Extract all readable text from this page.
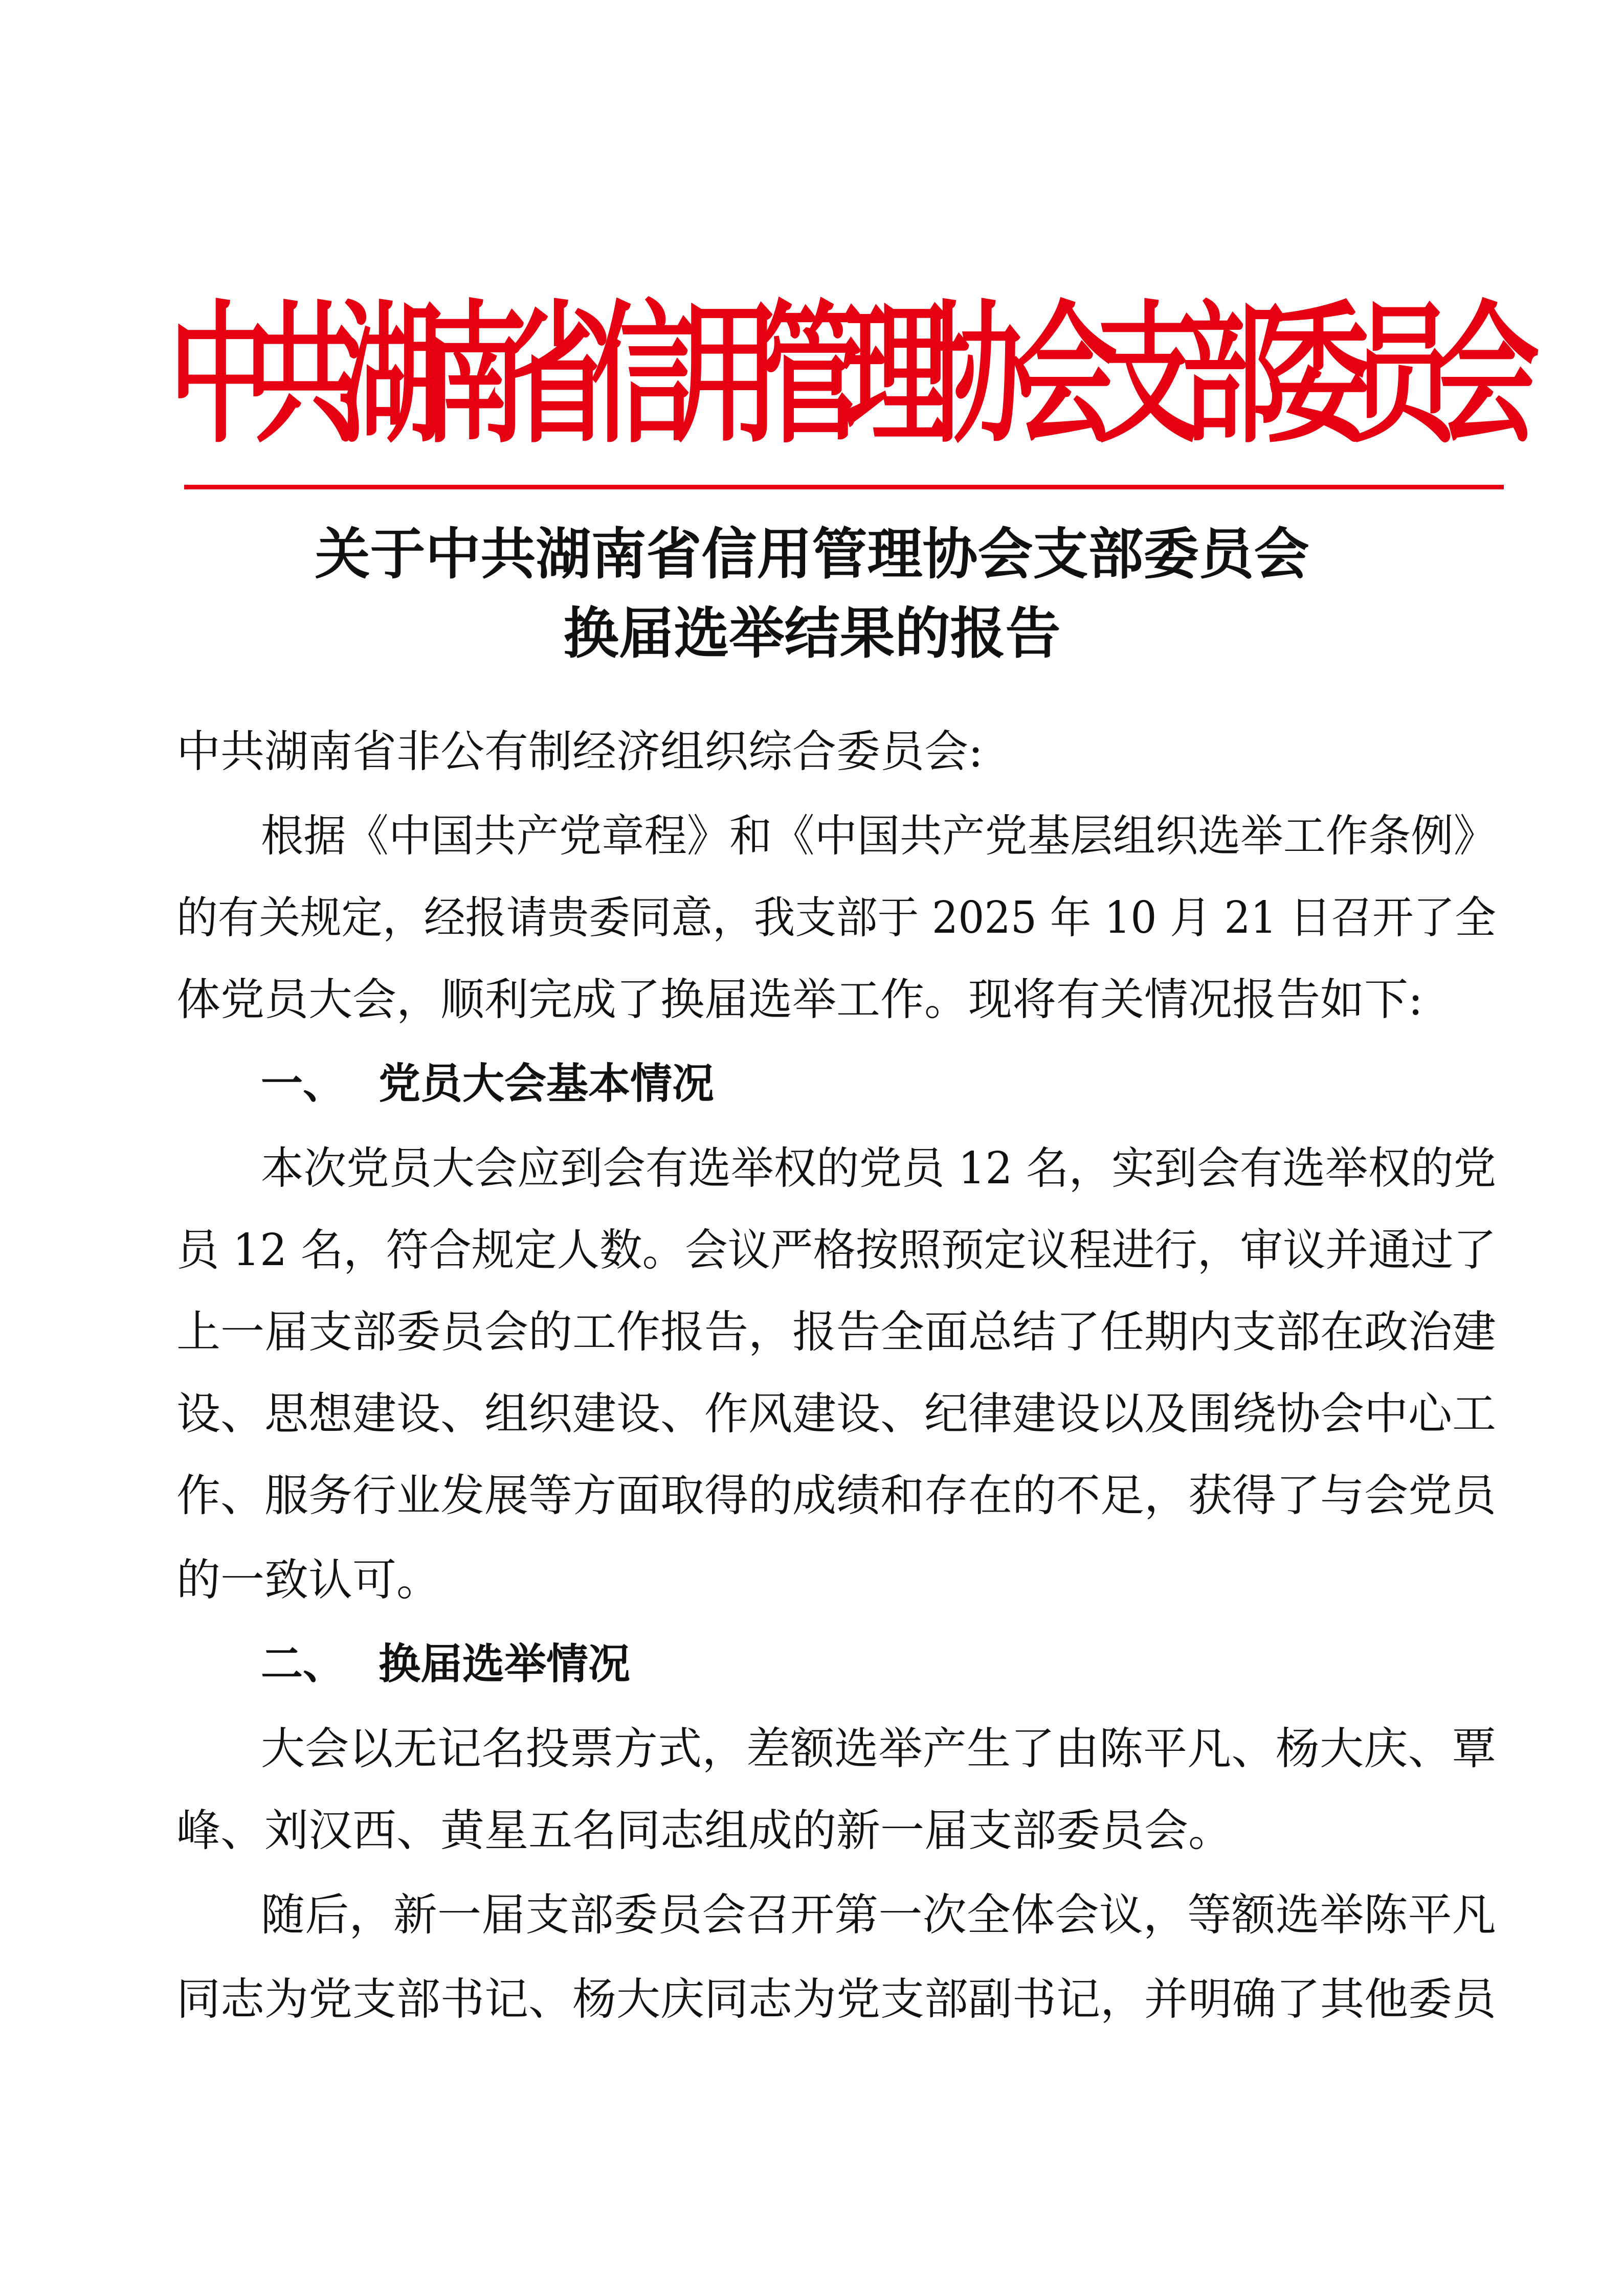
中共湖南省信用管理协会支部委员会
关于中共湖南省信用管理协会支部委员会
换届选举结果的报告
中共湖南省非公有制经济组织综合委员会:
根据《中国共产党章程》和《中国共产党基层组织选举工作条例》
的有关规定，经报请贵委同意，我支部于 2025 年 10 月 21 日召开了全
体党员大会，顺利完成了换届选举工作。现将有关情况报告如下:
一、 党员大会基本情况
本次党员大会应到会有选举权的党员 12 名，实到会有选举权的党
员 12 名，符合规定人数。会议严格按照预定议程进行，审议并通过了
上一届支部委员会的工作报告，报告全面总结了任期内支部在政治建
设、思想建设、组织建设、作风建设、纪律建设以及围绕协会中心工
作、服务行业发展等方面取得的成绩和存在的不足，获得了与会党员
的一致认可。
二、 换届选举情况
大会以无记名投票方式，差额选举产生了由陈平凡、杨大庆、覃
峰、刘汉西、黄星五名同志组成的新一届支部委员会。
随后，新一届支部委员会召开第一次全体会议，等额选举陈平凡
同志为党支部书记、杨大庆同志为党支部副书记，并明确了其他委员
